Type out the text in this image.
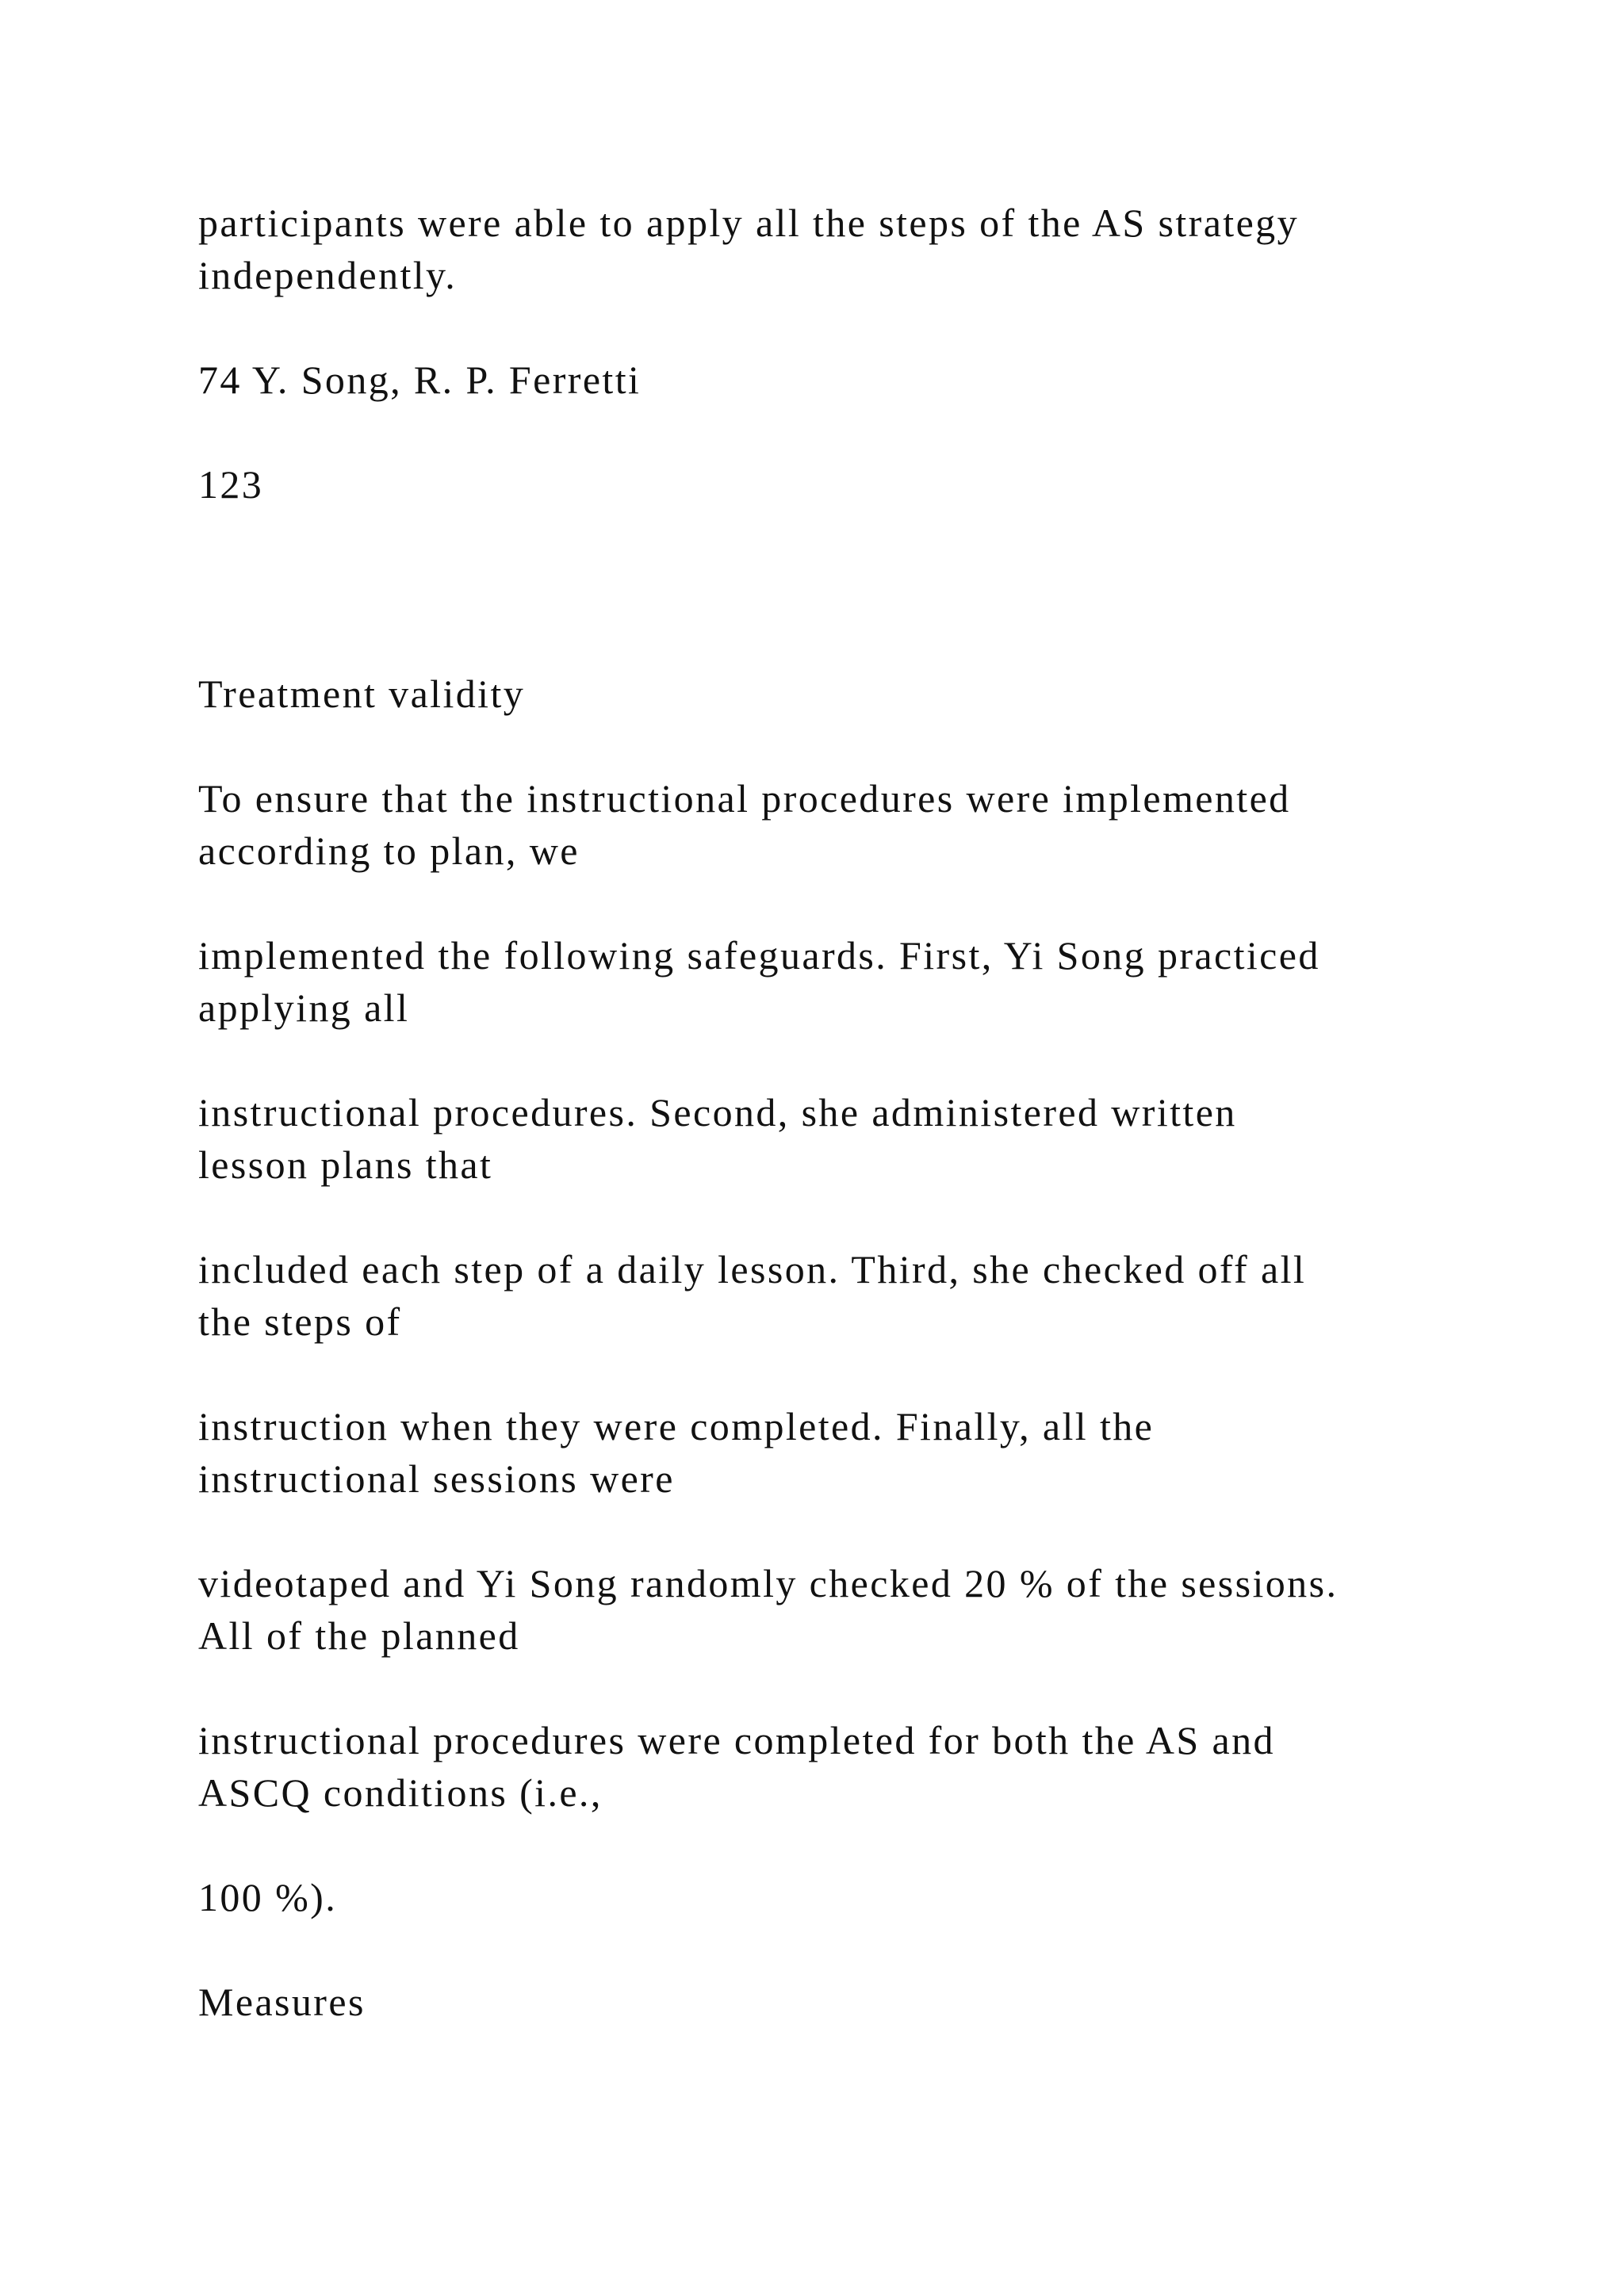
participants were able to apply all the steps of the AS strategy
independently.

74 Y. Song, R. P. Ferretti

123

Treatment validity

To ensure that the instructional procedures were implemented
according to plan, we

implemented the following safeguards. First, Yi Song practiced
applying all

instructional procedures. Second, she administered written
lesson plans that

included each step of a daily lesson. Third, she checked off all
the steps of

instruction when they were completed. Finally, all the
instructional sessions were

videotaped and Yi Song randomly checked 20 % of the sessions.
All of the planned

instructional procedures were completed for both the AS and
ASCQ conditions (i.e.,

100 %).

Measures
